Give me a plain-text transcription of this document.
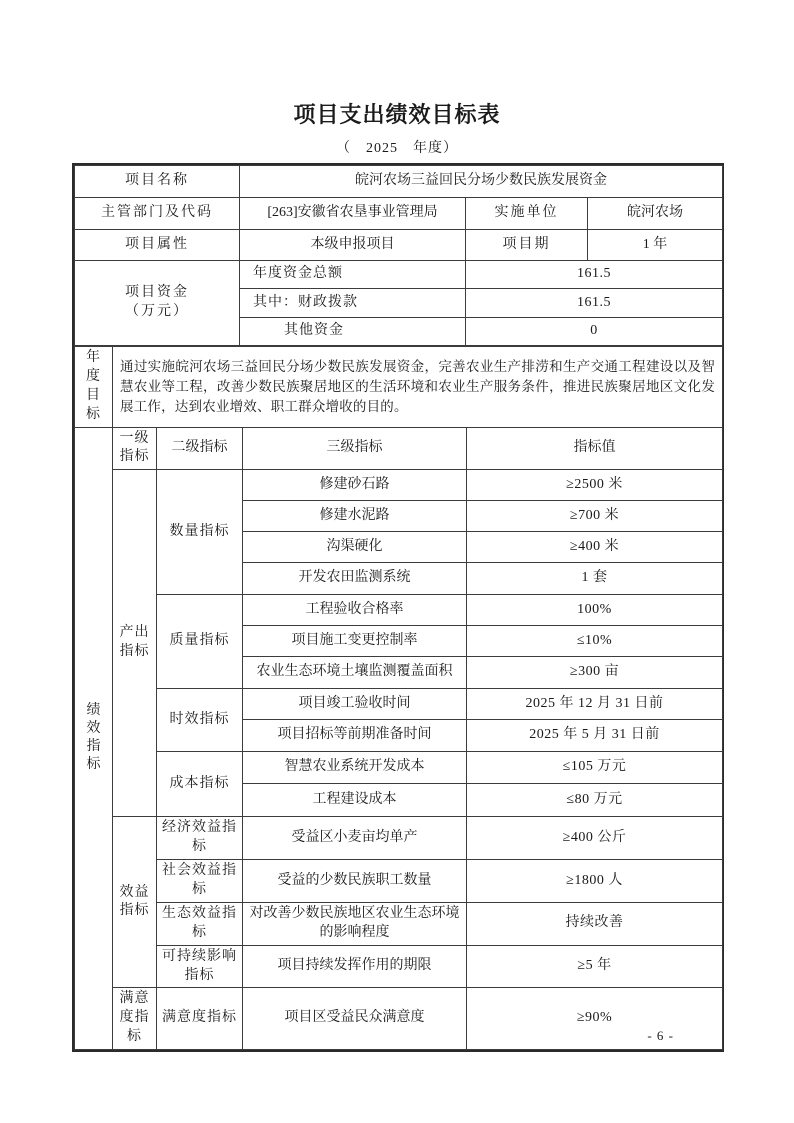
项目支出绩效目标表
（　2025　年度）
项目名称	皖河农场三益回民分场少数民族发展资金		
主管部门及代码	[263]安徽省农垦事业管理局	实施单位	皖河农场
项目属性	本级申报项目	项目期	1 年

项目资金
（万元）	年度资金总额	161.5	
	其中：财政拨款	161.5	
	其他资金	0	
年度目标	通过实施皖河农场三益回民分场少数民族发展资金，完善农业生产排涝和生产交通工程建设以及智慧农业等工程，改善少数民族聚居地区的生活环境和农业生产服务条件，推进民族聚居地区文化发展工作，达到农业增效、职工群众增收的目的。			
绩效指标	一级指标	二级指标	三级指标	指标值
	产出指标	数量指标	修建砂石路	≥2500 米
			修建水泥路	≥700 米
			沟渠硬化	≥400 米
			开发农田监测系统	1 套
		质量指标	工程验收合格率	100%
			项目施工变更控制率	≤10%
			农业生态环境土壤监测覆盖面积	≥300 亩
		时效指标	项目竣工验收时间	2025 年 12 月 31 日前
			项目招标等前期准备时间	2025 年 5 月 31 日前
		成本指标	智慧农业系统开发成本	≤105 万元
			工程建设成本	≤80 万元
	效益指标	经济效益指标	受益区小麦亩均单产	≥400 公斤
		社会效益指标	受益的少数民族职工数量	≥1800 人
		生态效益指标	对改善少数民族地区农业生态环境的影响程度	持续改善
		可持续影响指标	项目持续发挥作用的期限	≥5 年
	满意度指标	满意度指标	项目区受益民众满意度	≥90%
- 6 -
